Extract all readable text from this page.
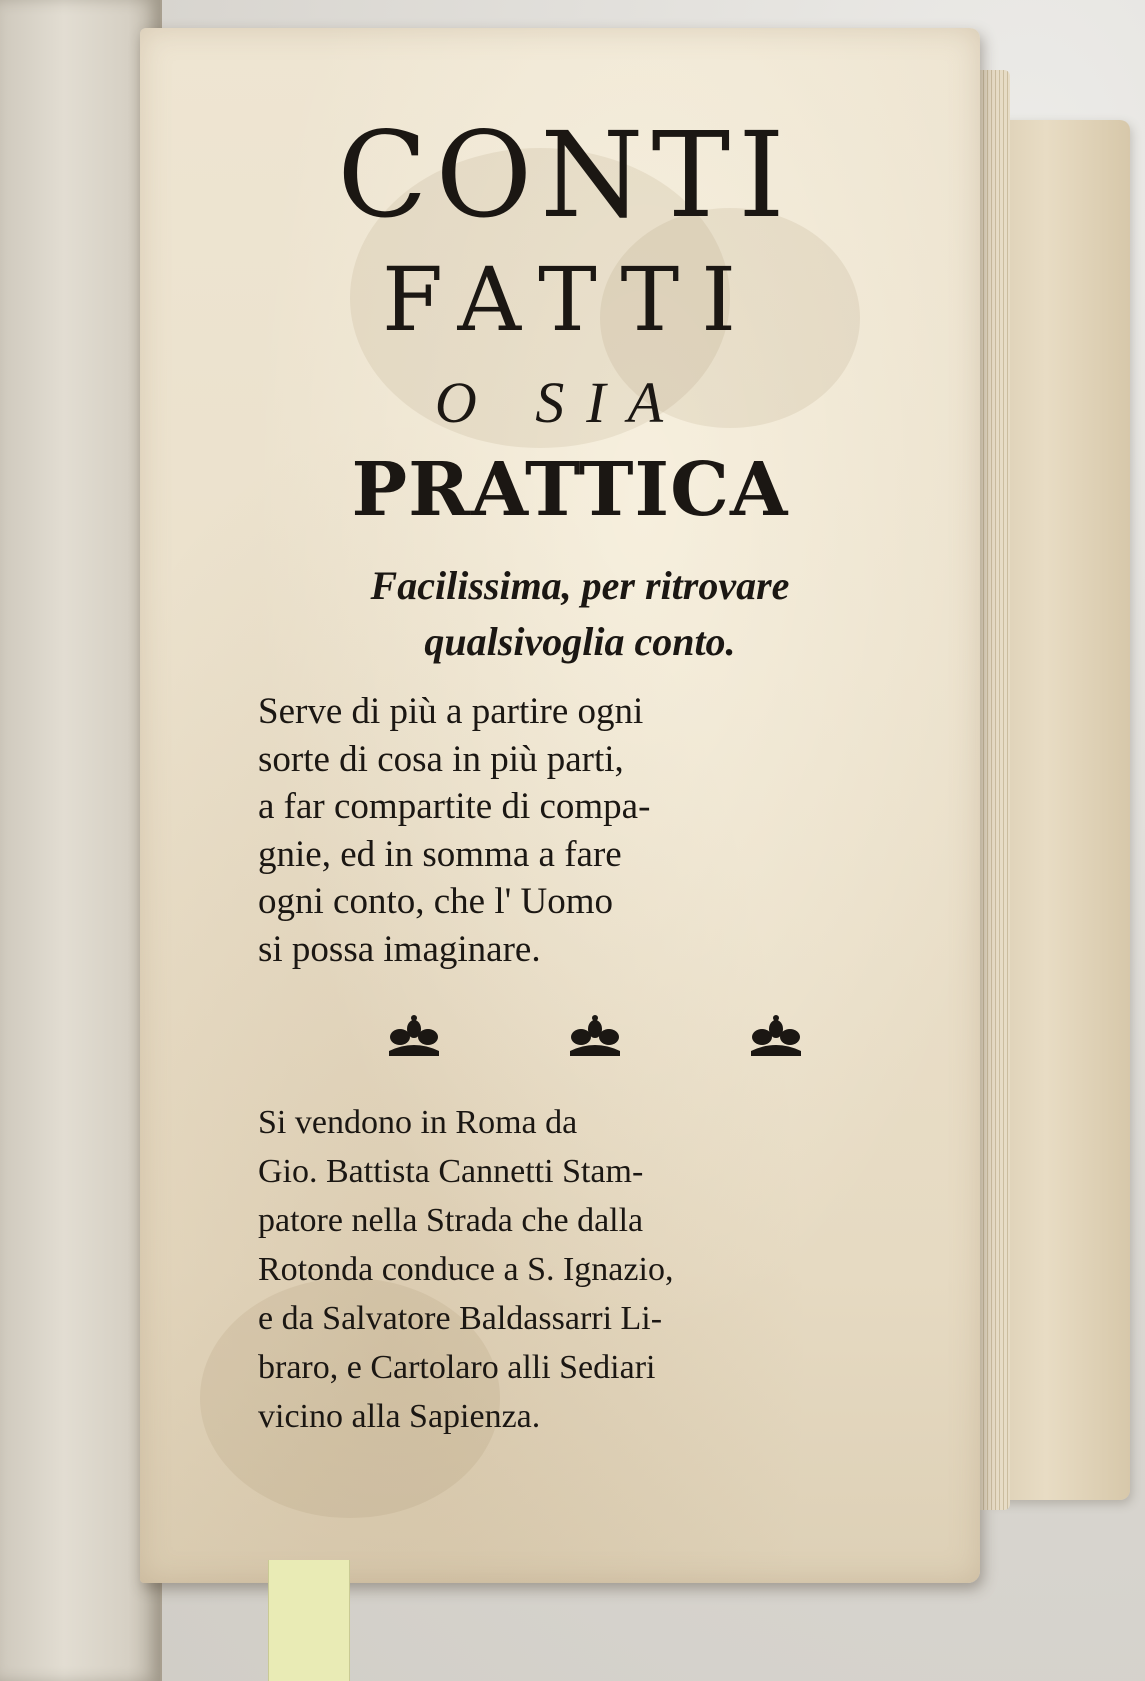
CONTI
FATTI
O SIA
PRATTICA
Facilissima, per ritrovare
qualsivoglia conto.
Serve di più a partire ogni
sorte di cosa in più parti,
a far compartite di compa-
gnie, ed in somma a fare
ogni conto, che l' Uomo
si possa imaginare.
Si vendono in Roma da
Gio. Battista Cannetti Stam-
patore nella Strada che dalla
Rotonda conduce a S. Ignazio,
e da Salvatore Baldassarri Li-
braro, e Cartolaro alli Sediari
vicino alla Sapienza.
